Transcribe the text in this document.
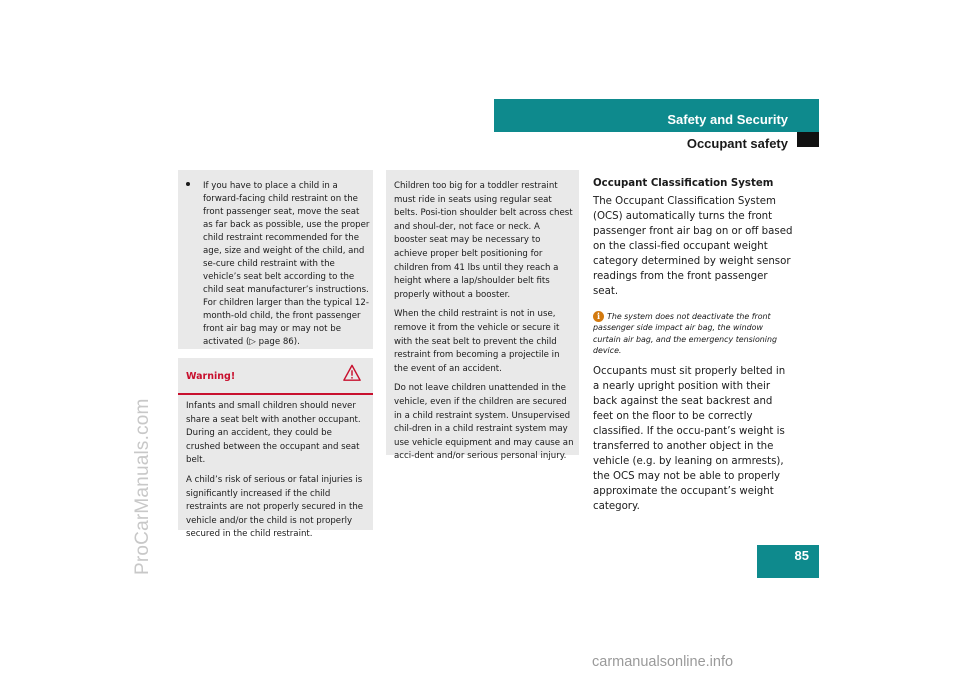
ProCarManuals.com
Safety and Security
Occupant safety
If you have to place a child in a forward-facing child restraint on the front passenger seat, move the seat as far back as possible, use the proper child restraint recommended for the age, size and weight of the child, and se-cure child restraint with the vehicle’s seat belt according to the child seat manufacturer’s instructions. For children larger than the typical 12-month-old child, the front passenger front air bag may or may not be activated (▷ page 86).
Warning!

Infants and small children should never share a seat belt with another occupant. During an accident, they could be crushed between the occupant and seat belt.

A child’s risk of serious or fatal injuries is significantly increased if the child restraints are not properly secured in the vehicle and/or the child is not properly secured in the child restraint.

Children too big for a toddler restraint must ride in seats using regular seat belts. Posi-tion shoulder belt across chest and shoul-der, not face or neck. A booster seat may be necessary to achieve proper belt positioning for children from 41 lbs until they reach a height where a lap/shoulder belt fits properly without a booster.

When the child restraint is not in use, remove it from the vehicle or secure it with the seat belt to prevent the child restraint from becoming a projectile in the event of an accident.

Do not leave children unattended in the vehicle, even if the children are secured in a child restraint system. Unsupervised chil-dren in a child restraint system may use vehicle equipment and may cause an acci-dent and/or serious personal injury.

Occupant Classification System

The Occupant Classification System (OCS) automatically turns the front passenger front air bag on or off based on the classi-fied occupant weight category determined by weight sensor readings from the front passenger seat.

i The system does not deactivate the front passenger side impact air bag, the window curtain air bag, and the emergency tensioning device.

Occupants must sit properly belted in a nearly upright position with their back against the seat backrest and feet on the floor to be correctly classified. If the occu-pant’s weight is transferred to another object in the vehicle (e.g. by leaning on armrests), the OCS may not be able to properly approximate the occupant’s weight category.

85
carmanualsonline.info
